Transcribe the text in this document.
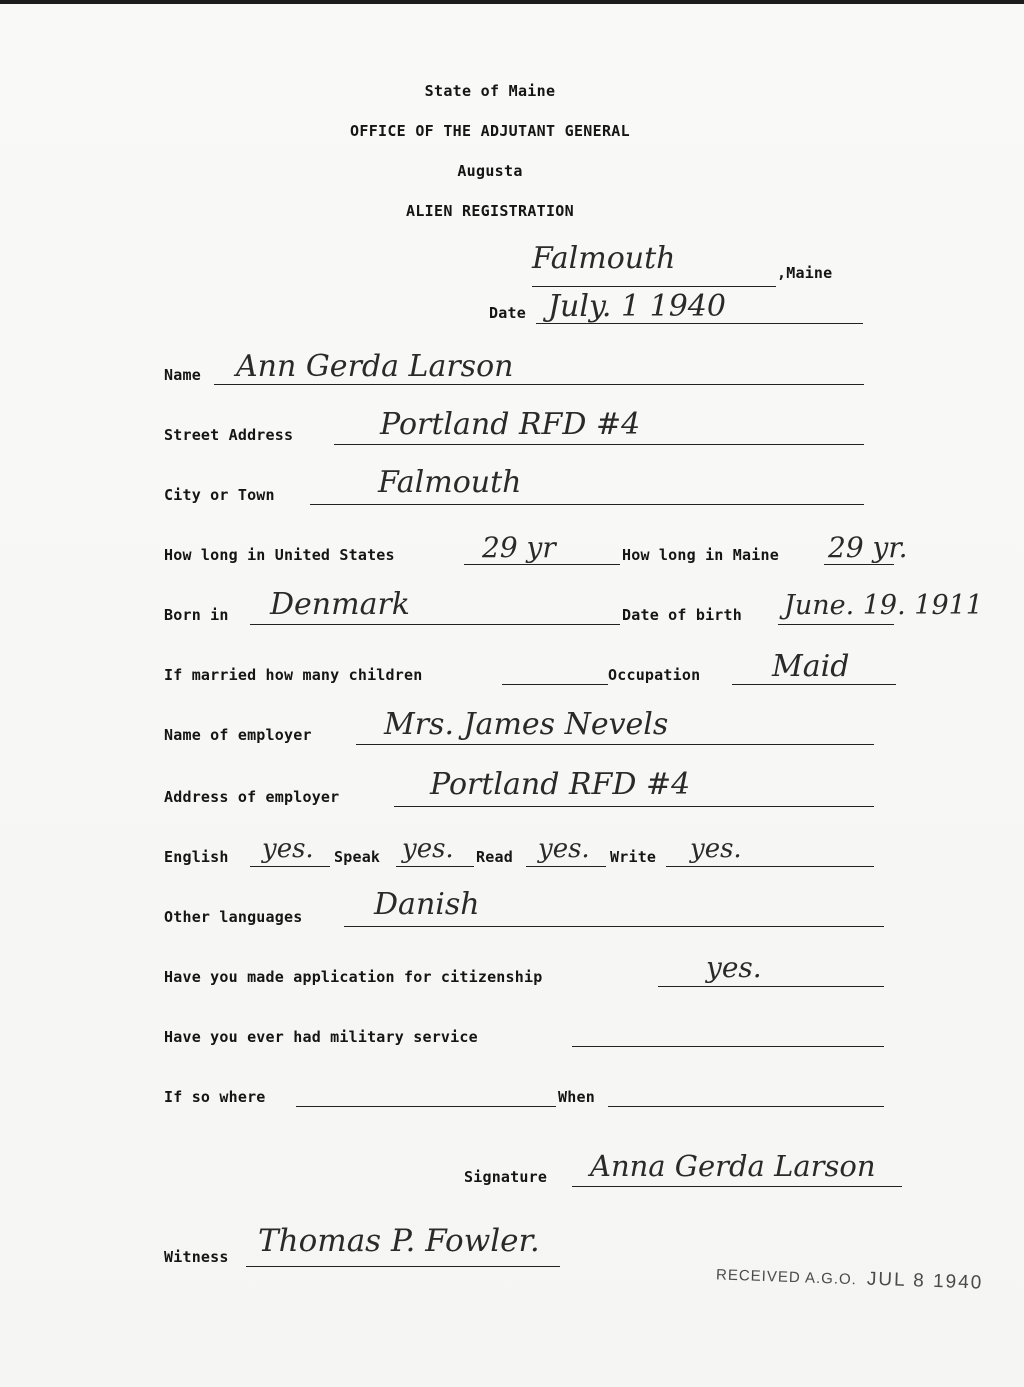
State of Maine
OFFICE OF THE ADJUTANT GENERAL
Augusta
ALIEN REGISTRATION
Falmouth	,Maine
Date July. 1 1940
Name Ann Gerda Larson
Street Address	Portland RFD #4
City or Town	Falmouth
How long in United States	29 yr	How long in Maine 29 yr.
Born in Denmark	Date of birth June. 19. 1911
If married how many children	Occupation Maid
Name of employer Mrs. James Nevels
Address of employer	Portland RFD #4
English yes. Speak yes. Read yes. Write yes.
Other languages Danish
Have you made application for citizenship	yes.
Have you ever had military service
If so where	When
Signature Anna Gerda Larson
Witness Thomas P. Fowler.
RECEIVED A.G.O. JUL 8 1940
